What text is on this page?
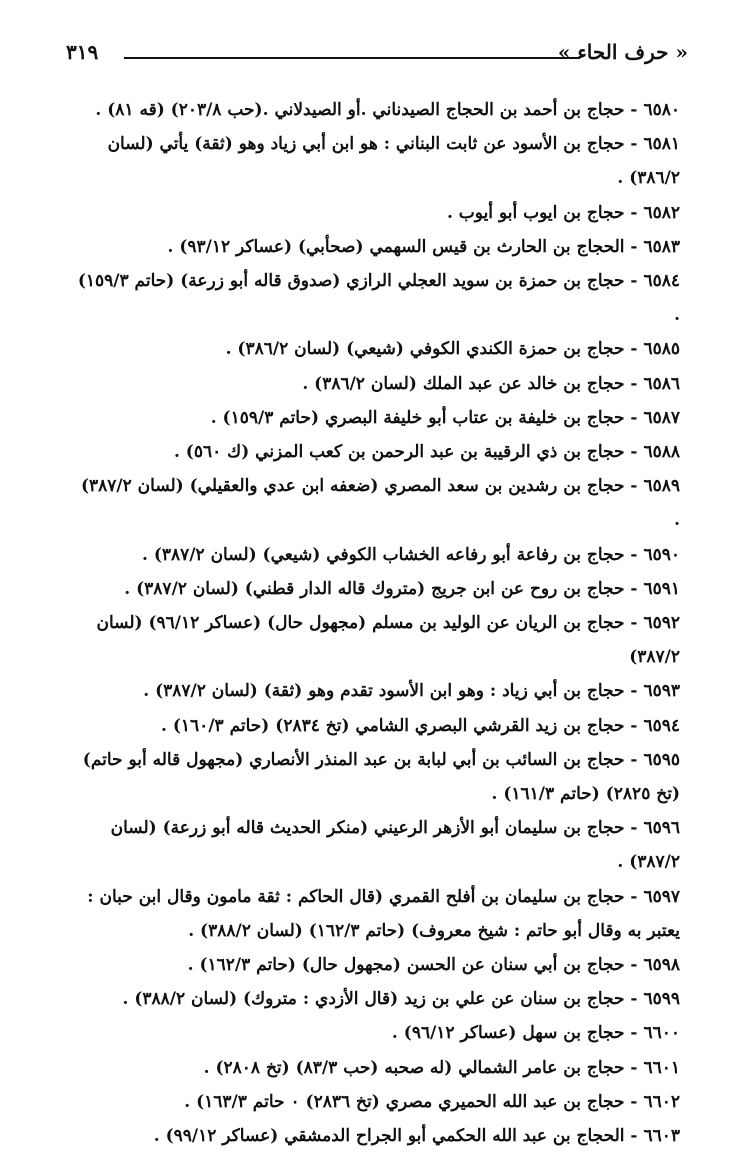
« حرف الحاء »
٣١٩

٦٥٨٠- حجاج بن أحمد بن الحجاج الصيدناني .أو الصيدلاني .(حب ٢٠٣/٨) (قه ٨١) .

٦٥٨١- حجاج بن الأسود عن ثابت البناني : هو ابن أبي زياد وهو (ثقة) يأتي (لسان ٣٨٦/٢) .

٦٥٨٢- حجاج بن ايوب أبو أيوب .

٦٥٨٣- الحجاج بن الحارث بن قيس السهمي (صحأبي) (عساكر ٩٣/١٢) .

٦٥٨٤- حجاج بن حمزة بن سويد العجلي الرازي (صدوق قاله أبو زرعة) (حاتم ١٥٩/٣) .

٦٥٨٥- حجاج بن حمزة الكندي الكوفي (شيعي) (لسان ٣٨٦/٢) .

٦٥٨٦- حجاج بن خالد عن عبد الملك (لسان ٣٨٦/٢) .

٦٥٨٧- حجاج بن خليفة بن عتاب أبو خليفة البصري (حاتم ١٥٩/٣) .

٦٥٨٨- حجاج بن ذي الرقيبة بن عبد الرحمن بن كعب المزني (ك ٥٦٠) .

٦٥٨٩- حجاج بن رشدين بن سعد المصري (ضعفه ابن عدي والعقيلي) (لسان ٣٨٧/٢) .

٦٥٩٠- حجاج بن رفاعة أبو رفاعه الخشاب الكوفي (شيعي) (لسان ٣٨٧/٢) .

٦٥٩١- حجاج بن روح عن ابن جريج (متروك قاله الدار قطني) (لسان ٣٨٧/٢) .

٦٥٩٢- حجاج بن الريان عن الوليد بن مسلم (مجهول حال) (عساكر ٩٦/١٢) (لسان ٣٨٧/٢)

٦٥٩٣- حجاج بن أبي زياد : وهو ابن الأسود تقدم وهو (ثقة) (لسان ٣٨٧/٢) .

٦٥٩٤- حجاج بن زيد القرشي البصري الشامي (تخ ٢٨٣٤) (حاتم ١٦٠/٣) .

٦٥٩٥- حجاج بن السائب بن أبي لبابة بن عبد المنذر الأنصاري (مجهول قاله أبو حاتم) (تخ ٢٨٢٥) (حاتم ١٦١/٣) .

٦٥٩٦- حجاج بن سليمان أبو الأزهر الرعيني (منكر الحديث قاله أبو زرعة) (لسان ٣٨٧/٢) .

٦٥٩٧- حجاج بن سليمان بن أفلح القمري (قال الحاكم : ثقة مامون وقال ابن حبان : يعتبر به وقال أبو حاتم : شيخ معروف) (حاتم ١٦٢/٣) (لسان ٣٨٨/٢) .

٦٥٩٨- حجاج بن أبي سنان عن الحسن (مجهول حال) (حاتم ١٦٢/٣) .

٦٥٩٩- حجاج بن سنان عن علي بن زيد (قال الأزدي : متروك) (لسان ٣٨٨/٢) .

٦٦٠٠- حجاج بن سهل (عساكر ٩٦/١٢) .

٦٦٠١- حجاج بن عامر الشمالي (له صحبه (حب ٨٣/٣) (تخ ٢٨٠٨) .

٦٦٠٢- حجاج بن عبد الله الحميري مصري (تخ ٢٨٣٦) ٠ حاتم ١٦٣/٣) .

٦٦٠٣- الحجاج بن عبد الله الحكمي أبو الجراح الدمشقي (عساكر ٩٩/١٢) .
